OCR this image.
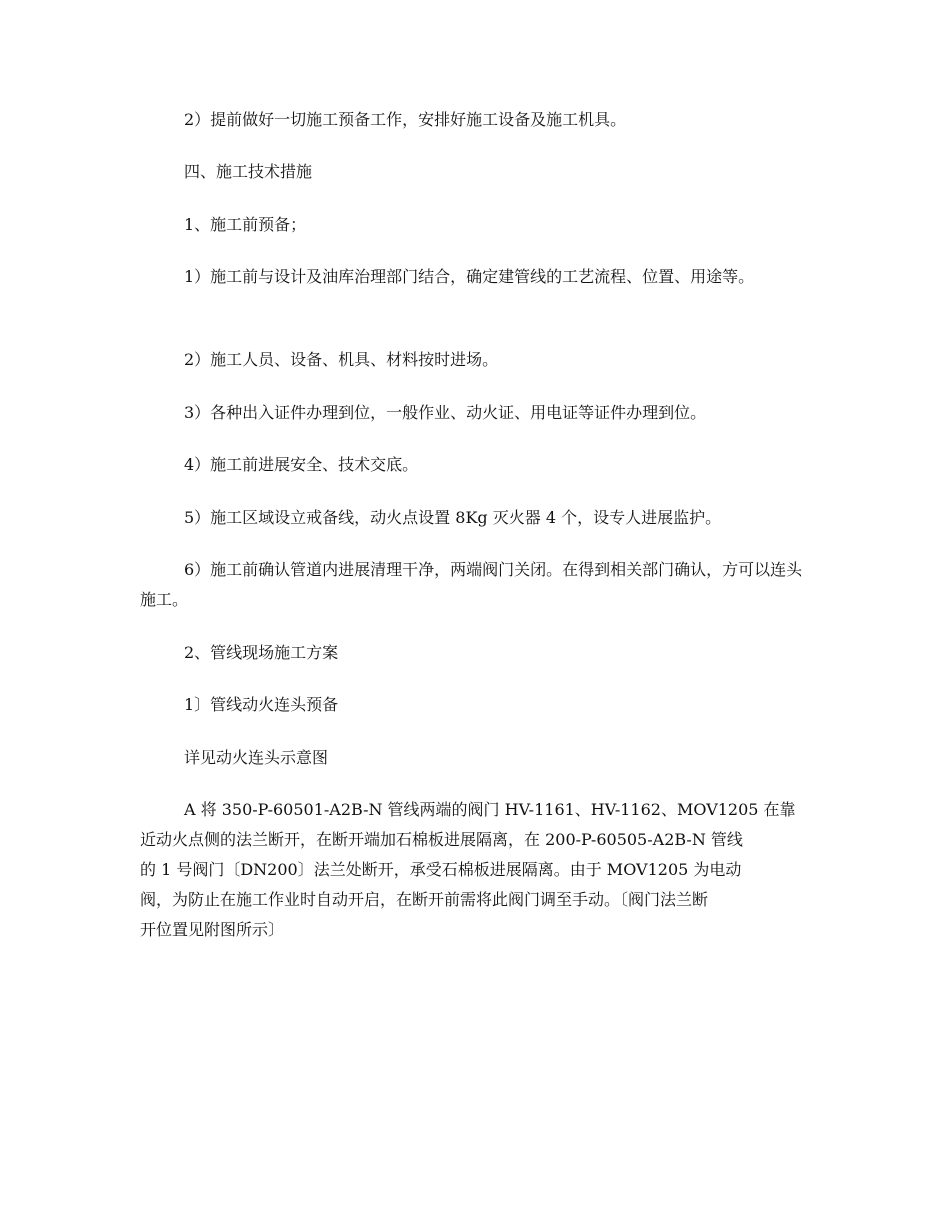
2）提前做好一切施工预备工作，安排好施工设备及施工机具。

四、施工技术措施

1、施工前预备；

1）施工前与设计及油库治理部门结合，确定建管线的工艺流程、位置、用途等。

2）施工人员、设备、机具、材料按时进场。

3）各种出入证件办理到位，一般作业、动火证、用电证等证件办理到位。

4）施工前进展安全、技术交底。

5）施工区域设立戒备线，动火点设置 8Kg 灭火器 4 个，设专人进展监护。

6）施工前确认管道内进展清理干净，两端阀门关闭。在得到相关部门确认，方可以连头施工。

2、管线现场施工方案

1〕管线动火连头预备

详见动火连头示意图

A 将 350-P-60501-A2B-N 管线两端的阀门 HV-1161、HV-1162、MOV1205 在靠
近动火点侧的法兰断开，在断开端加石棉板进展隔离，在 200-P-60505-A2B-N 管线
的 1 号阀门〔DN200〕法兰处断开，承受石棉板进展隔离。由于 MOV1205 为电动
阀，为防止在施工作业时自动开启，在断开前需将此阀门调至手动。〔阀门法兰断
开位置见附图所示〕
